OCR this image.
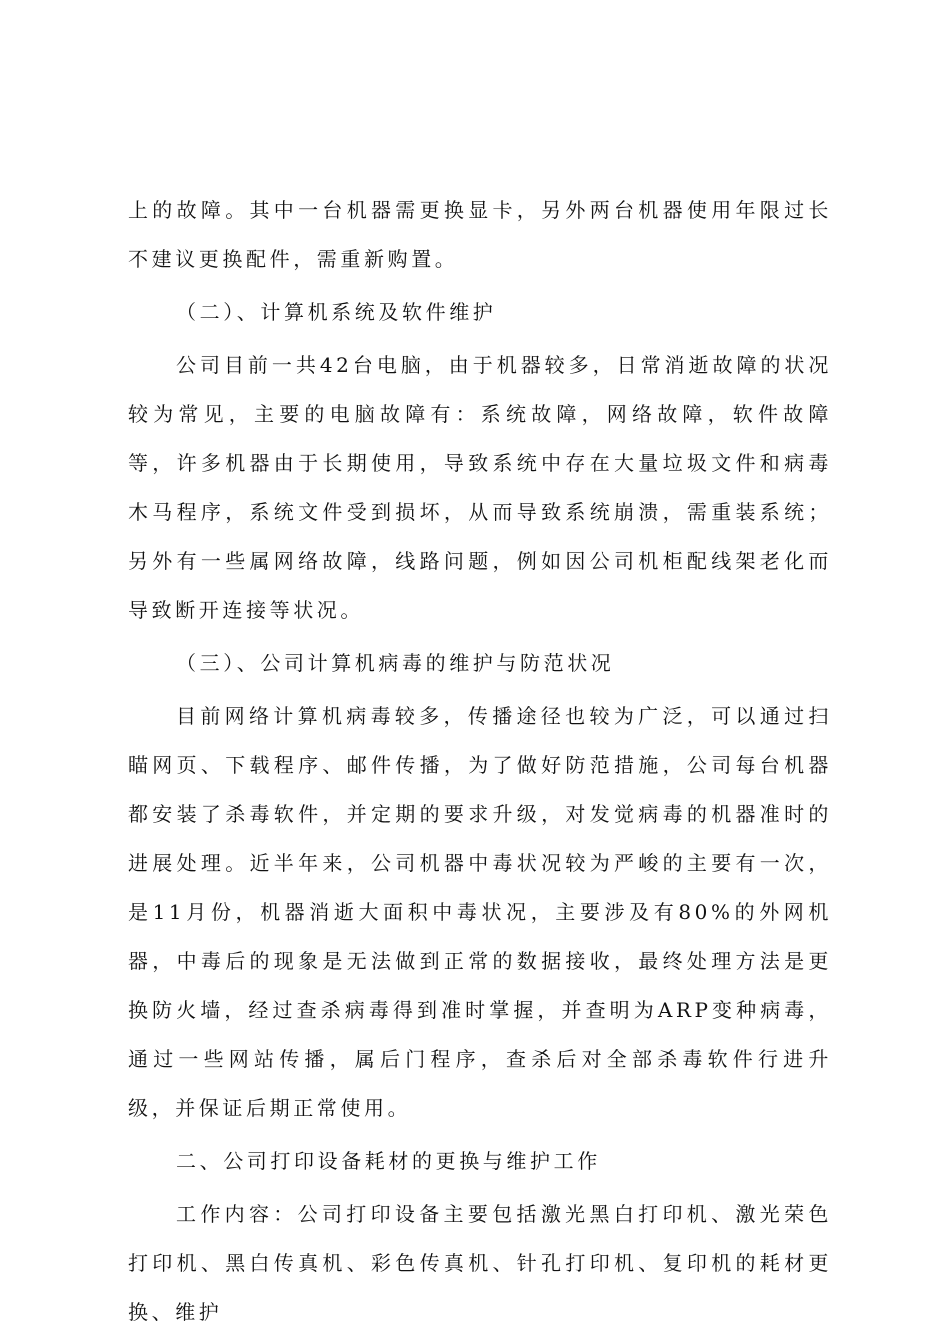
上的故障。其中一台机器需更换显卡，另外两台机器使用年限过长不建议更换配件，需重新购置。

（二）、计算机系统及软件维护

公司目前一共42台电脑，由于机器较多，日常消逝故障的状况较为常见，主要的电脑故障有：系统故障，网络故障，软件故障等，许多机器由于长期使用，导致系统中存在大量垃圾文件和病毒木马程序，系统文件受到损坏，从而导致系统崩溃，需重装系统；另外有一些属网络故障，线路问题，例如因公司机柜配线架老化而导致断开连接等状况。

（三）、公司计算机病毒的维护与防范状况

目前网络计算机病毒较多，传播途径也较为广泛，可以通过扫瞄网页、下载程序、邮件传播，为了做好防范措施，公司每台机器都安装了杀毒软件，并定期的要求升级，对发觉病毒的机器准时的进展处理。近半年来，公司机器中毒状况较为严峻的主要有一次，是11月份，机器消逝大面积中毒状况，主要涉及有80%的外网机器，中毒后的现象是无法做到正常的数据接收，最终处理方法是更换防火墙，经过查杀病毒得到准时掌握，并查明为ARP变种病毒，通过一些网站传播，属后门程序，查杀后对全部杀毒软件行进升级，并保证后期正常使用。

二、公司打印设备耗材的更换与维护工作

工作内容：公司打印设备主要包括激光黑白打印机、激光荣色打印机、黑白传真机、彩色传真机、针孔打印机、复印机的耗材更换、维护
